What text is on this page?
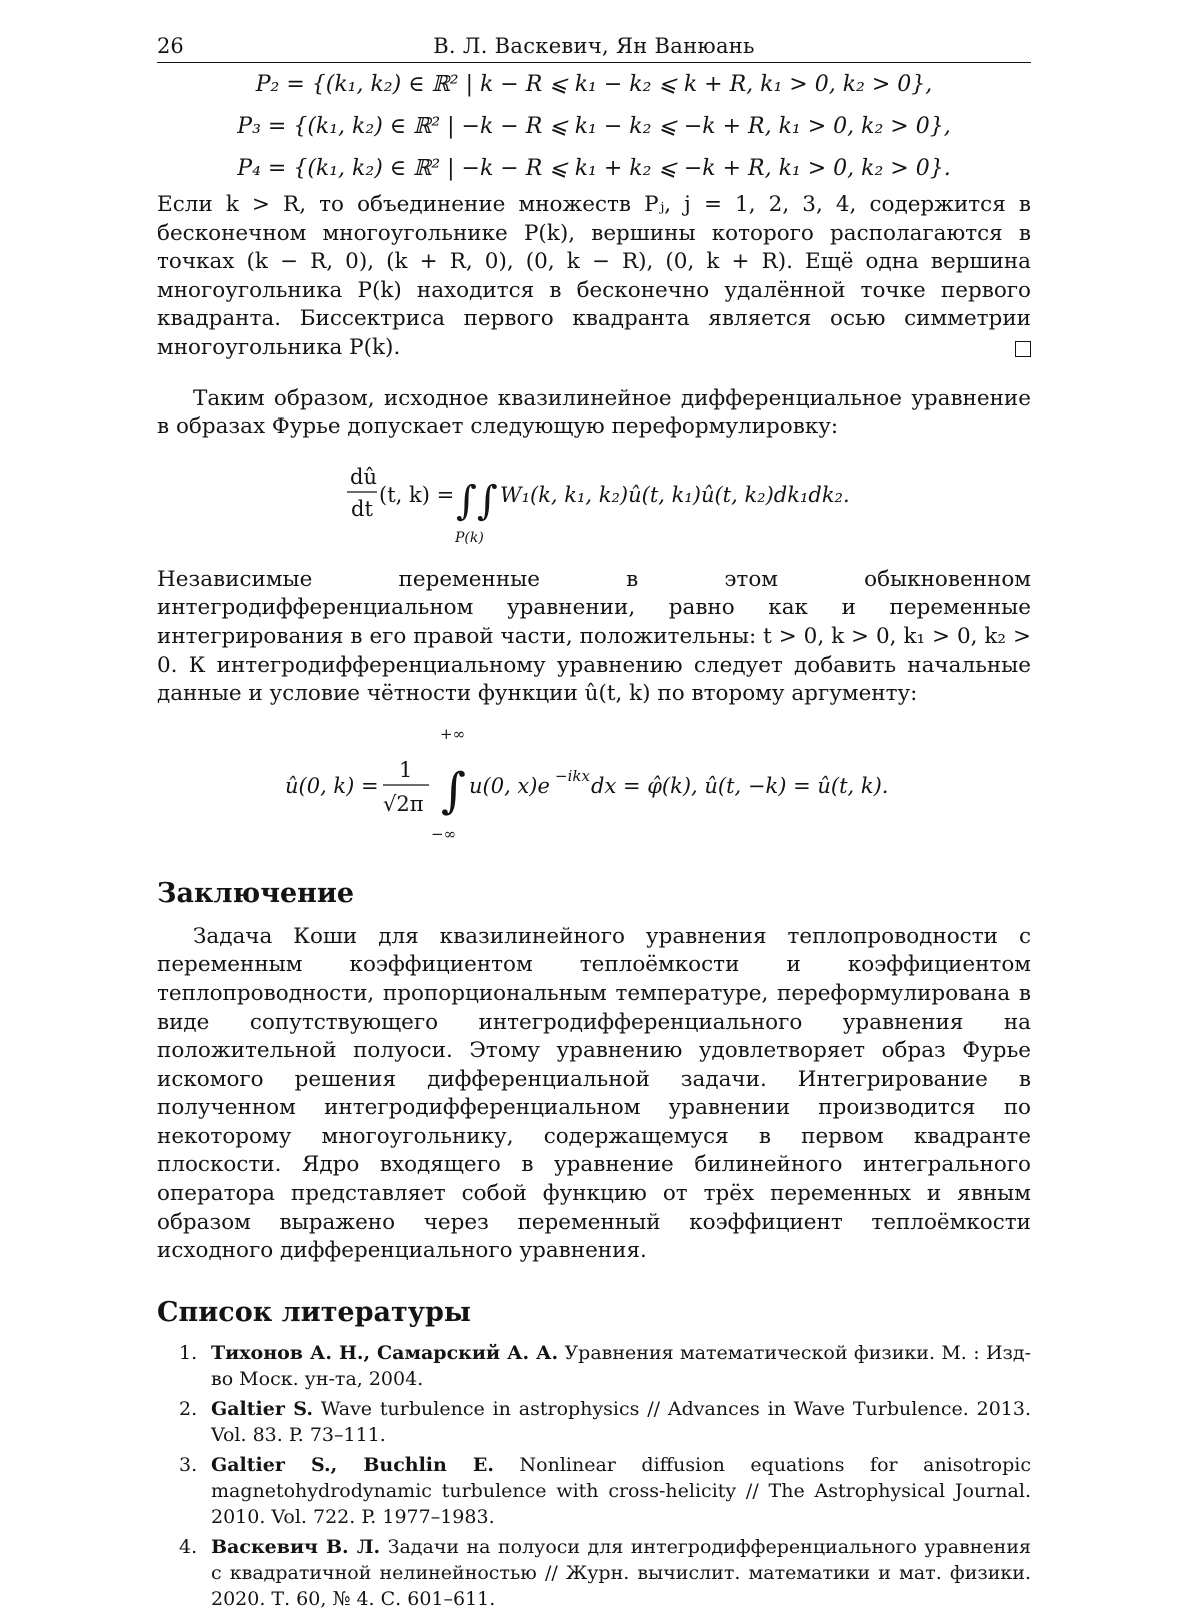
26	В. Л. Васкевич, Ян Ванюань
P₂ = {(k₁, k₂) ∈ ℝ² | k − R ⩽ k₁ − k₂ ⩽ k + R, k₁ > 0, k₂ > 0},
P₃ = {(k₁, k₂) ∈ ℝ² | −k − R ⩽ k₁ − k₂ ⩽ −k + R, k₁ > 0, k₂ > 0},
P₄ = {(k₁, k₂) ∈ ℝ² | −k − R ⩽ k₁ + k₂ ⩽ −k + R, k₁ > 0, k₂ > 0}.

Если k > R, то объединение множеств Pⱼ, j = 1, 2, 3, 4, содержится в бесконечном многоугольнике P(k), вершины которого располагаются в точках (k − R, 0), (k + R, 0), (0, k − R), (0, k + R). Ещё одна вершина многоугольника P(k) находится в бесконечно удалённой точке первого квадранта. Биссектриса первого квадранта является осью симметрии многоугольника P(k).

Таким образом, исходное квазилинейное дифференциальное уравнение в образах Фурье допускает следующую переформулировку:

dû
dt
(t, k) = ∫∫
P(k)
W₁(k, k₁, k₂)û(t, k₁)û(t, k₂)dk₁dk₂.

Независимые переменные в этом обыкновенном интегродифференциальном уравнении, равно как и переменные интегрирования в его правой части, положительны: t > 0, k > 0, k₁ > 0, k₂ > 0. К интегродифференциальному уравнению следует добавить начальные данные и условие чётности функции û(t, k) по второму аргументу:

û(0, k) =
1
√2π
+∞
∫
−∞
u(0, x)e −ikx dx = φ̂(k), û(t, −k) = û(t, k).
Заключение

Задача Коши для квазилинейного уравнения теплопроводности с переменным коэффициентом теплоёмкости и коэффициентом теплопроводности, пропорциональным температуре, переформулирована в виде сопутствующего интегродифференциального уравнения на положительной полуоси. Этому уравнению удовлетворяет образ Фурье искомого решения дифференциальной задачи. Интегрирование в полученном интегродифференциальном уравнении производится по некоторому многоугольнику, содержащемуся в первом квадранте плоскости. Ядро входящего в уравнение билинейного интегрального оператора представляет собой функцию от трёх переменных и явным образом выражено через переменный коэффициент теплоёмкости исходного дифференциального уравнения.

Список литературы
1. Тихонов А. Н., Самарский А. А. Уравнения математической физики. М. : Изд-во Моск. ун-та, 2004.
2. Galtier S. Wave turbulence in astrophysics // Advances in Wave Turbulence. 2013. Vol. 83. P. 73–111.
3. Galtier S., Buchlin E. Nonlinear diffusion equations for anisotropic magnetohydrodynamic turbulence with cross-helicity // The Astrophysical Journal. 2010. Vol. 722. P. 1977–1983.
4. Васкевич В. Л. Задачи на полуоси для интегродифференциального уравнения с квадратичной нелинейностью // Журн. вычислит. математики и мат. физики. 2020. Т. 60, № 4. С. 601–611.
